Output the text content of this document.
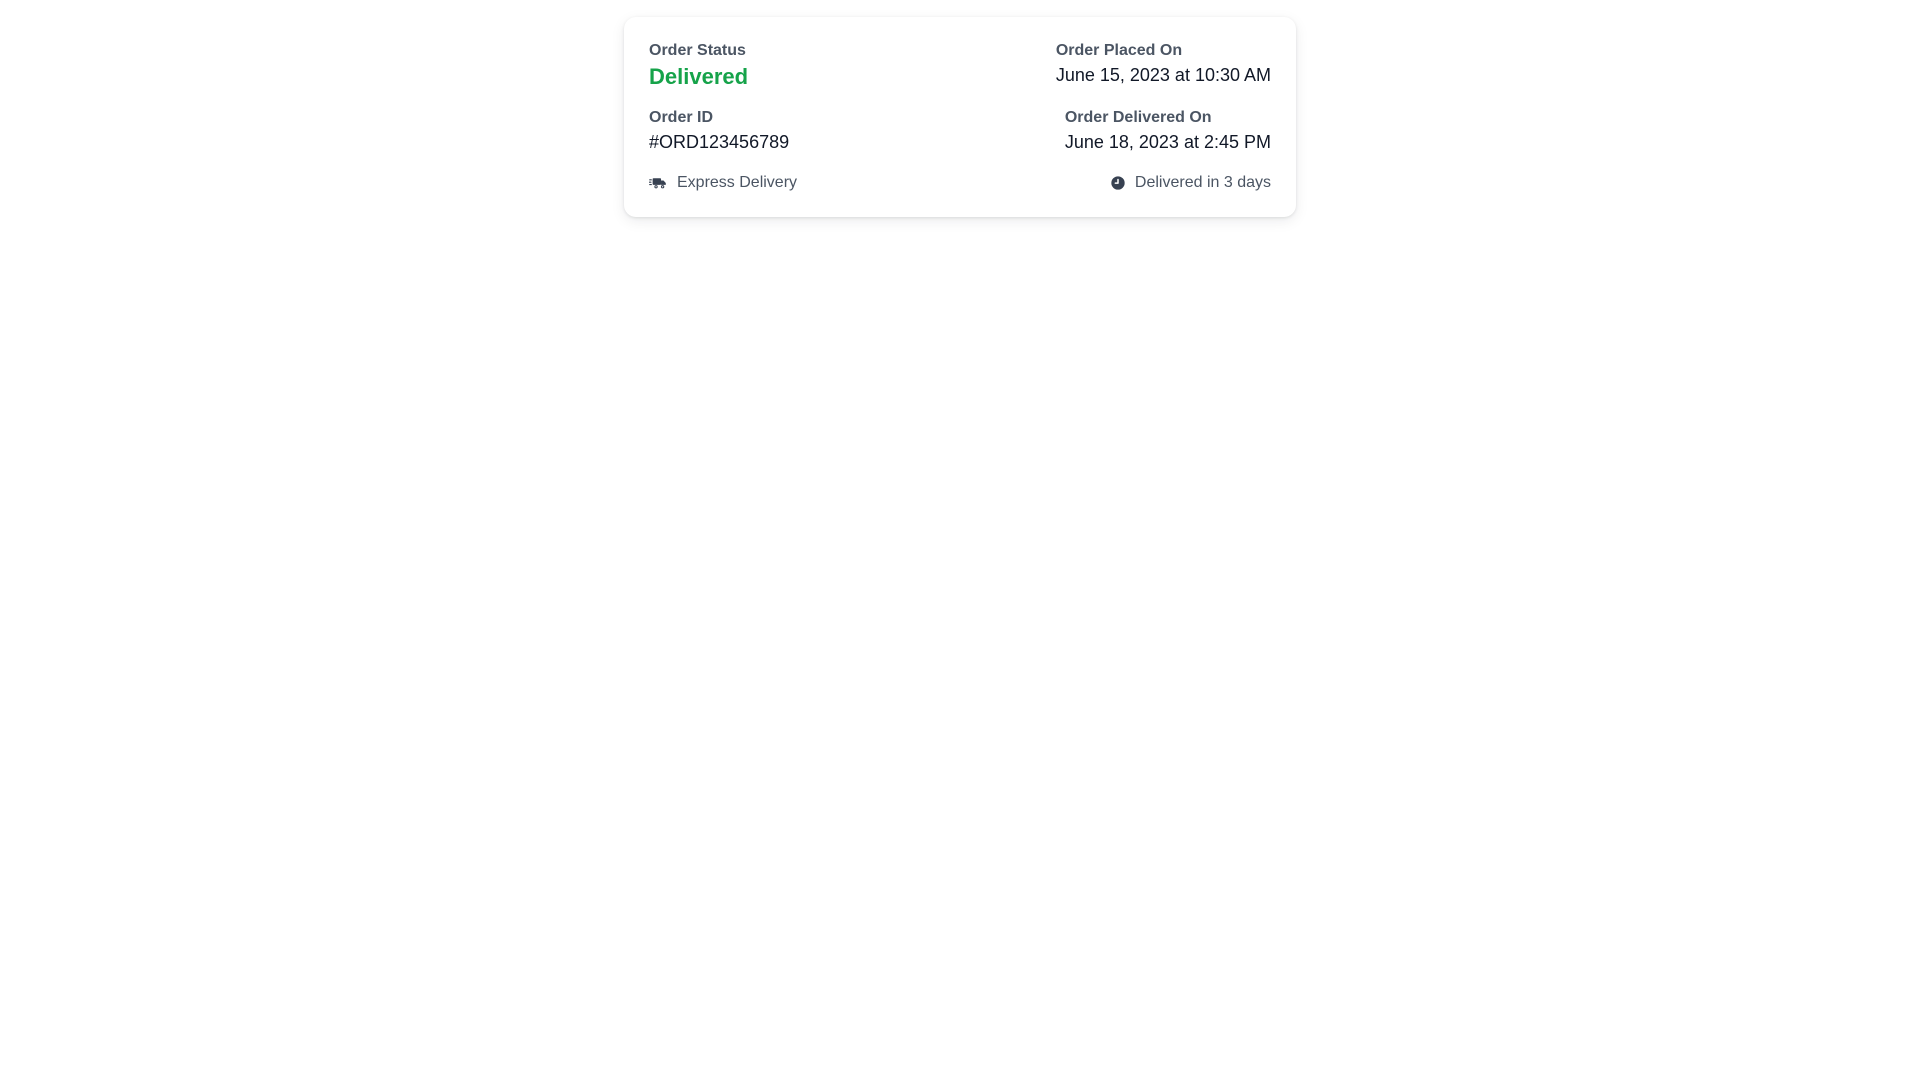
Order Status
Delivered
Order Placed On
June 15, 2023 at 10:30 AM
Order ID
#ORD123456789
Order Delivered On
June 18, 2023 at 2:45 PM
Express Delivery	Delivered in 3 days
